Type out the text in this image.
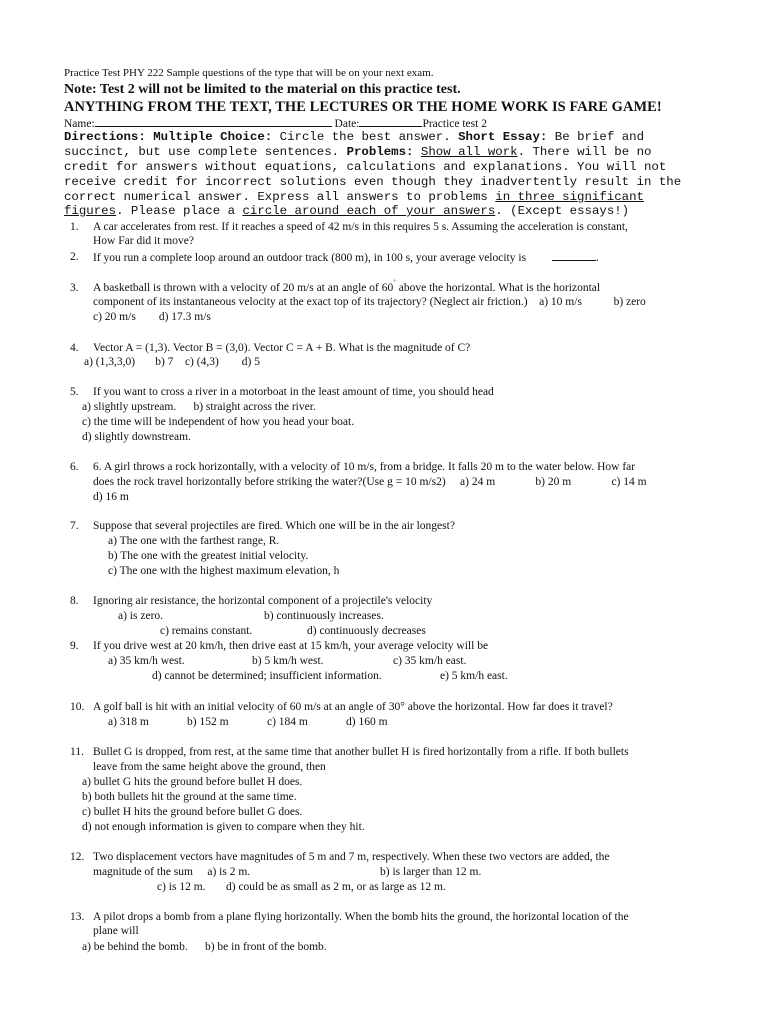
Practice Test PHY 222 Sample questions of the type that will be on your next exam.
Note: Test 2 will not be limited to the material on this practice test.
ANYTHING FROM THE TEXT, THE LECTURES OR THE HOME WORK IS FARE GAME!
Name:	Date:	Practice test 2
Directions: Multiple Choice: Circle the best answer. Short Essay: Be brief and
succinct, but use complete sentences. Problems: Show all work. There will be no
credit for answers without equations, calculations and explanations. You will not
receive credit for incorrect solutions even though they inadvertently result in the
correct numerical answer. Express all answers to problems in three significant
figures. Please place a circle around each of your answers. (Except essays!)
1. A car accelerates from rest. If it reaches a speed of 42 m/s in this requires 5 s. Assuming the acceleration is constant,
How Far did it move?
2. If you run a complete loop around an outdoor track (800 m), in 100 s, your average velocity is	.
3. A basketball is thrown with a velocity of 20 m/s at an angle of 60˚ above the horizontal. What is the horizontal
component of its instantaneous velocity at the exact top of its trajectory? (Neglect air friction.) a) 10 m/s	b) zero
c) 20 m/s d) 17.3 m/s
4. Vector A = (1,3). Vector B = (3,0). Vector C = A + B. What is the magnitude of C?
a) (1,3,3,0) b) 7 c) (4,3) d) 5
5. If you want to cross a river in a motorboat in the least amount of time, you should head
a) slightly upstream. b) straight across the river.
c) the time will be independent of how you head your boat.
d) slightly downstream.
6. 6. A girl throws a rock horizontally, with a velocity of 10 m/s, from a bridge. It falls 20 m to the water below. How far
does the rock travel horizontally before striking the water?(Use g = 10 m/s2) a) 24 m	b) 20 m	c) 14 m
d) 16 m
7. Suppose that several projectiles are fired. Which one will be in the air longest?
a) The one with the farthest range, R.
b) The one with the greatest initial velocity.
c) The one with the highest maximum elevation, h
8. Ignoring air resistance, the horizontal component of a projectile's velocity
a) is zero.	b) continuously increases.
c) remains constant.	d) continuously decreases
9. If you drive west at 20 km/h, then drive east at 15 km/h, your average velocity will be
a) 35 km/h west.	b) 5 km/h west.	c) 35 km/h east.
d) cannot be determined; insufficient information.	e) 5 km/h east.
10. A golf ball is hit with an initial velocity of 60 m/s at an angle of 30° above the horizontal. How far does it travel?
a) 318 m	b) 152 m	c) 184 m	d) 160 m
11. Bullet G is dropped, from rest, at the same time that another bullet H is fired horizontally from a rifle. If both bullets
leave from the same height above the ground, then
a) bullet G hits the ground before bullet H does.
b) both bullets hit the ground at the same time.
c) bullet H hits the ground before bullet G does.
d) not enough information is given to compare when they hit.
12. Two displacement vectors have magnitudes of 5 m and 7 m, respectively. When these two vectors are added, the
magnitude of the sum a) is 2 m.	b) is larger than 12 m.
c) is 12 m. d) could be as small as 2 m, or as large as 12 m.
13. A pilot drops a bomb from a plane flying horizontally. When the bomb hits the ground, the horizontal location of the
plane will
a) be behind the bomb. b) be in front of the bomb.
